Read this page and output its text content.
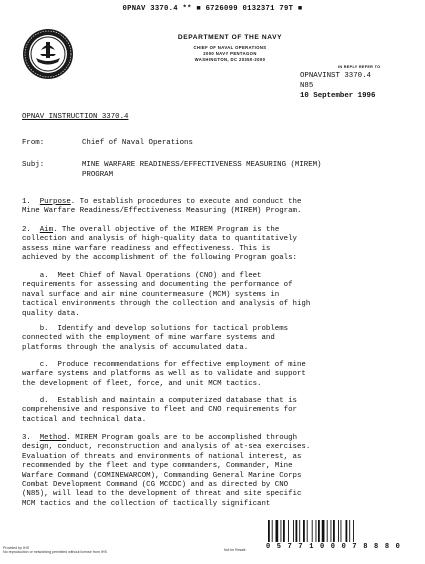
0PNAV 3370.4 ** ■ 6726099 0132371 79T ■
DEPARTMENT OF THE NAVY
CHIEF OF NAVAL OPERATIONS
2000 NAVY PENTAGON
WASHINGTON, DC 20350-2000
IN REPLY REFER TO
OPNAVINST 3370.4
N85
10 September 1996
OPNAV INSTRUCTION 3370.4
From:	Chief of Naval Operations
Subj:	MINE WARFARE READINESS/EFFECTIVENESS MEASURING (MIREM)
PROGRAM
1. Purpose. To establish procedures to execute and conduct the
Mine Warfare Readiness/Effectiveness Measuring (MIREM) Program.
2. Aim. The overall objective of the MIREM Program is the
collection and analysis of high-quality data to quantitatively
assess mine warfare readiness and effectiveness. This is
achieved by the accomplishment of the following Program goals:
a.  Meet Chief of Naval Operations (CNO) and fleet
requirements for assessing and documenting the performance of
naval surface and air mine countermeasure (MCM) systems in
tactical environments through the collection and analysis of high
quality data.
b.  Identify and develop solutions for tactical problems
connected with the employment of mine warfare systems and
platforms through the analysis of accumulated data.
c.  Produce recommendations for effective employment of mine
warfare systems and platforms as well as to validate and support
the development of fleet, force, and unit MCM tactics.
d.  Establish and maintain a computerized database that is
comprehensive and responsive to fleet and CNO requirements for
tactical and technical data.
3. Method. MIREM Program goals are to be accomplished through
design, conduct, reconstruction and analysis of at-sea exercises.
Evaluation of threats and environments of national interest, as
recommended by the fleet and type commanders, Commander, Mine
Warfare Command (COMINEWARCOM), Commanding General Marine Corps
Combat Development Command (CG MCCDC) and as directed by CNO
(N85), will lead to the development of threat and site specific
MCM tactics and the collection of tactically significant
0 5 7 7 1 0 0 0 7 8 8 8 0
Provided by IHS
No reproduction or networking permitted without license from IHS
Not for Resale
